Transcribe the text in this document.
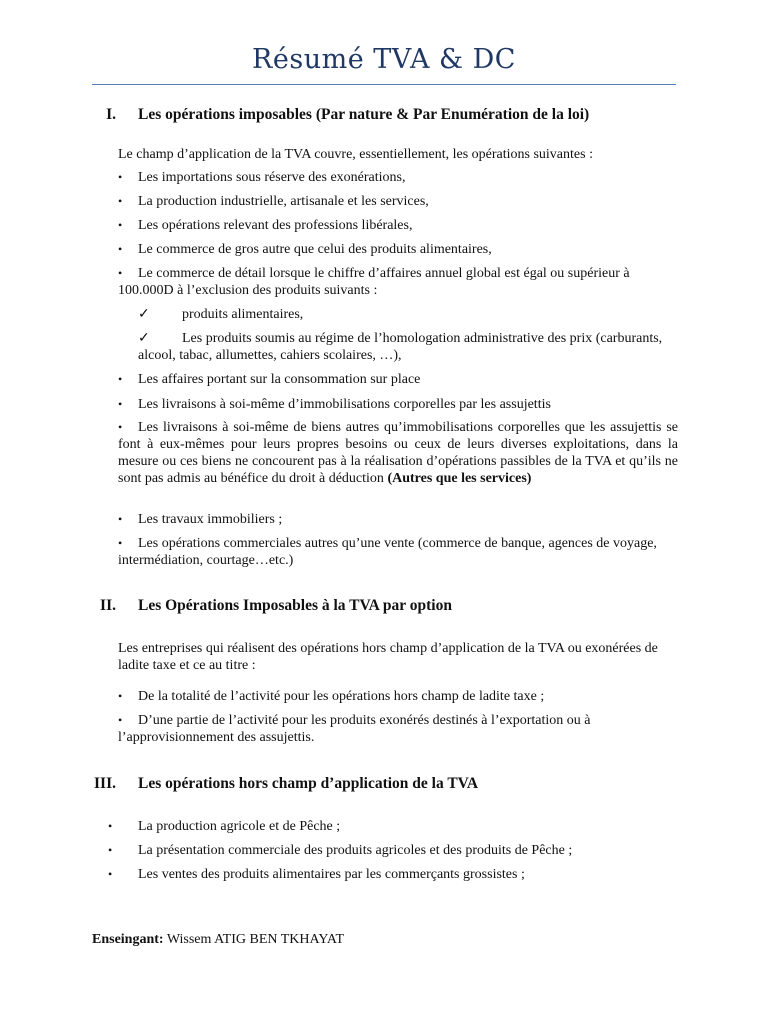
Résumé TVA & DC
I. Les opérations imposables (Par nature & Par Enumération de la loi)
Le champ d’application de la TVA couvre, essentiellement, les opérations suivantes :
•	Les importations sous réserve des exonérations,
•	La production industrielle, artisanale et les services,
•	Les opérations relevant des professions libérales,
•	Le commerce de gros autre que celui des produits alimentaires,
•	Le commerce de détail lorsque le chiffre d’affaires annuel global est égal ou supérieur à 100.000D à l’exclusion des produits suivants :
✓	produits alimentaires,
✓	Les produits soumis au régime de l’homologation administrative des prix (carburants, alcool, tabac, allumettes, cahiers scolaires, …),
•	Les affaires portant sur la consommation sur place
•	Les livraisons à soi-même d’immobilisations corporelles par les assujettis
•	Les livraisons à soi-même de biens autres qu’immobilisations corporelles que les assujettis se font à eux-mêmes pour leurs propres besoins ou ceux de leurs diverses exploitations, dans la mesure ou ces biens ne concourent pas à la réalisation d’opérations passibles de la TVA et qu’ils ne sont pas admis au bénéfice du droit à déduction (Autres que les services)
•	Les travaux immobiliers ;
•	Les opérations commerciales autres qu’une vente (commerce de banque, agences de voyage, intermédiation, courtage…etc.)
II. Les Opérations Imposables à la TVA par option
Les entreprises qui réalisent des opérations hors champ d’application de la TVA ou exonérées de ladite taxe et ce au titre :
•	De la totalité de l’activité pour les opérations hors champ de ladite taxe ;
•	D’une partie de l’activité pour les produits exonérés destinés à l’exportation ou à l’approvisionnement des assujettis.
III. Les opérations hors champ d’application de la TVA
•	La production agricole et de Pêche ;
•	La présentation commerciale des produits agricoles et des produits de Pêche ;
•	Les ventes des produits alimentaires par les commerçants grossistes ;
Enseingant: Wissem ATIG BEN TKHAYAT
